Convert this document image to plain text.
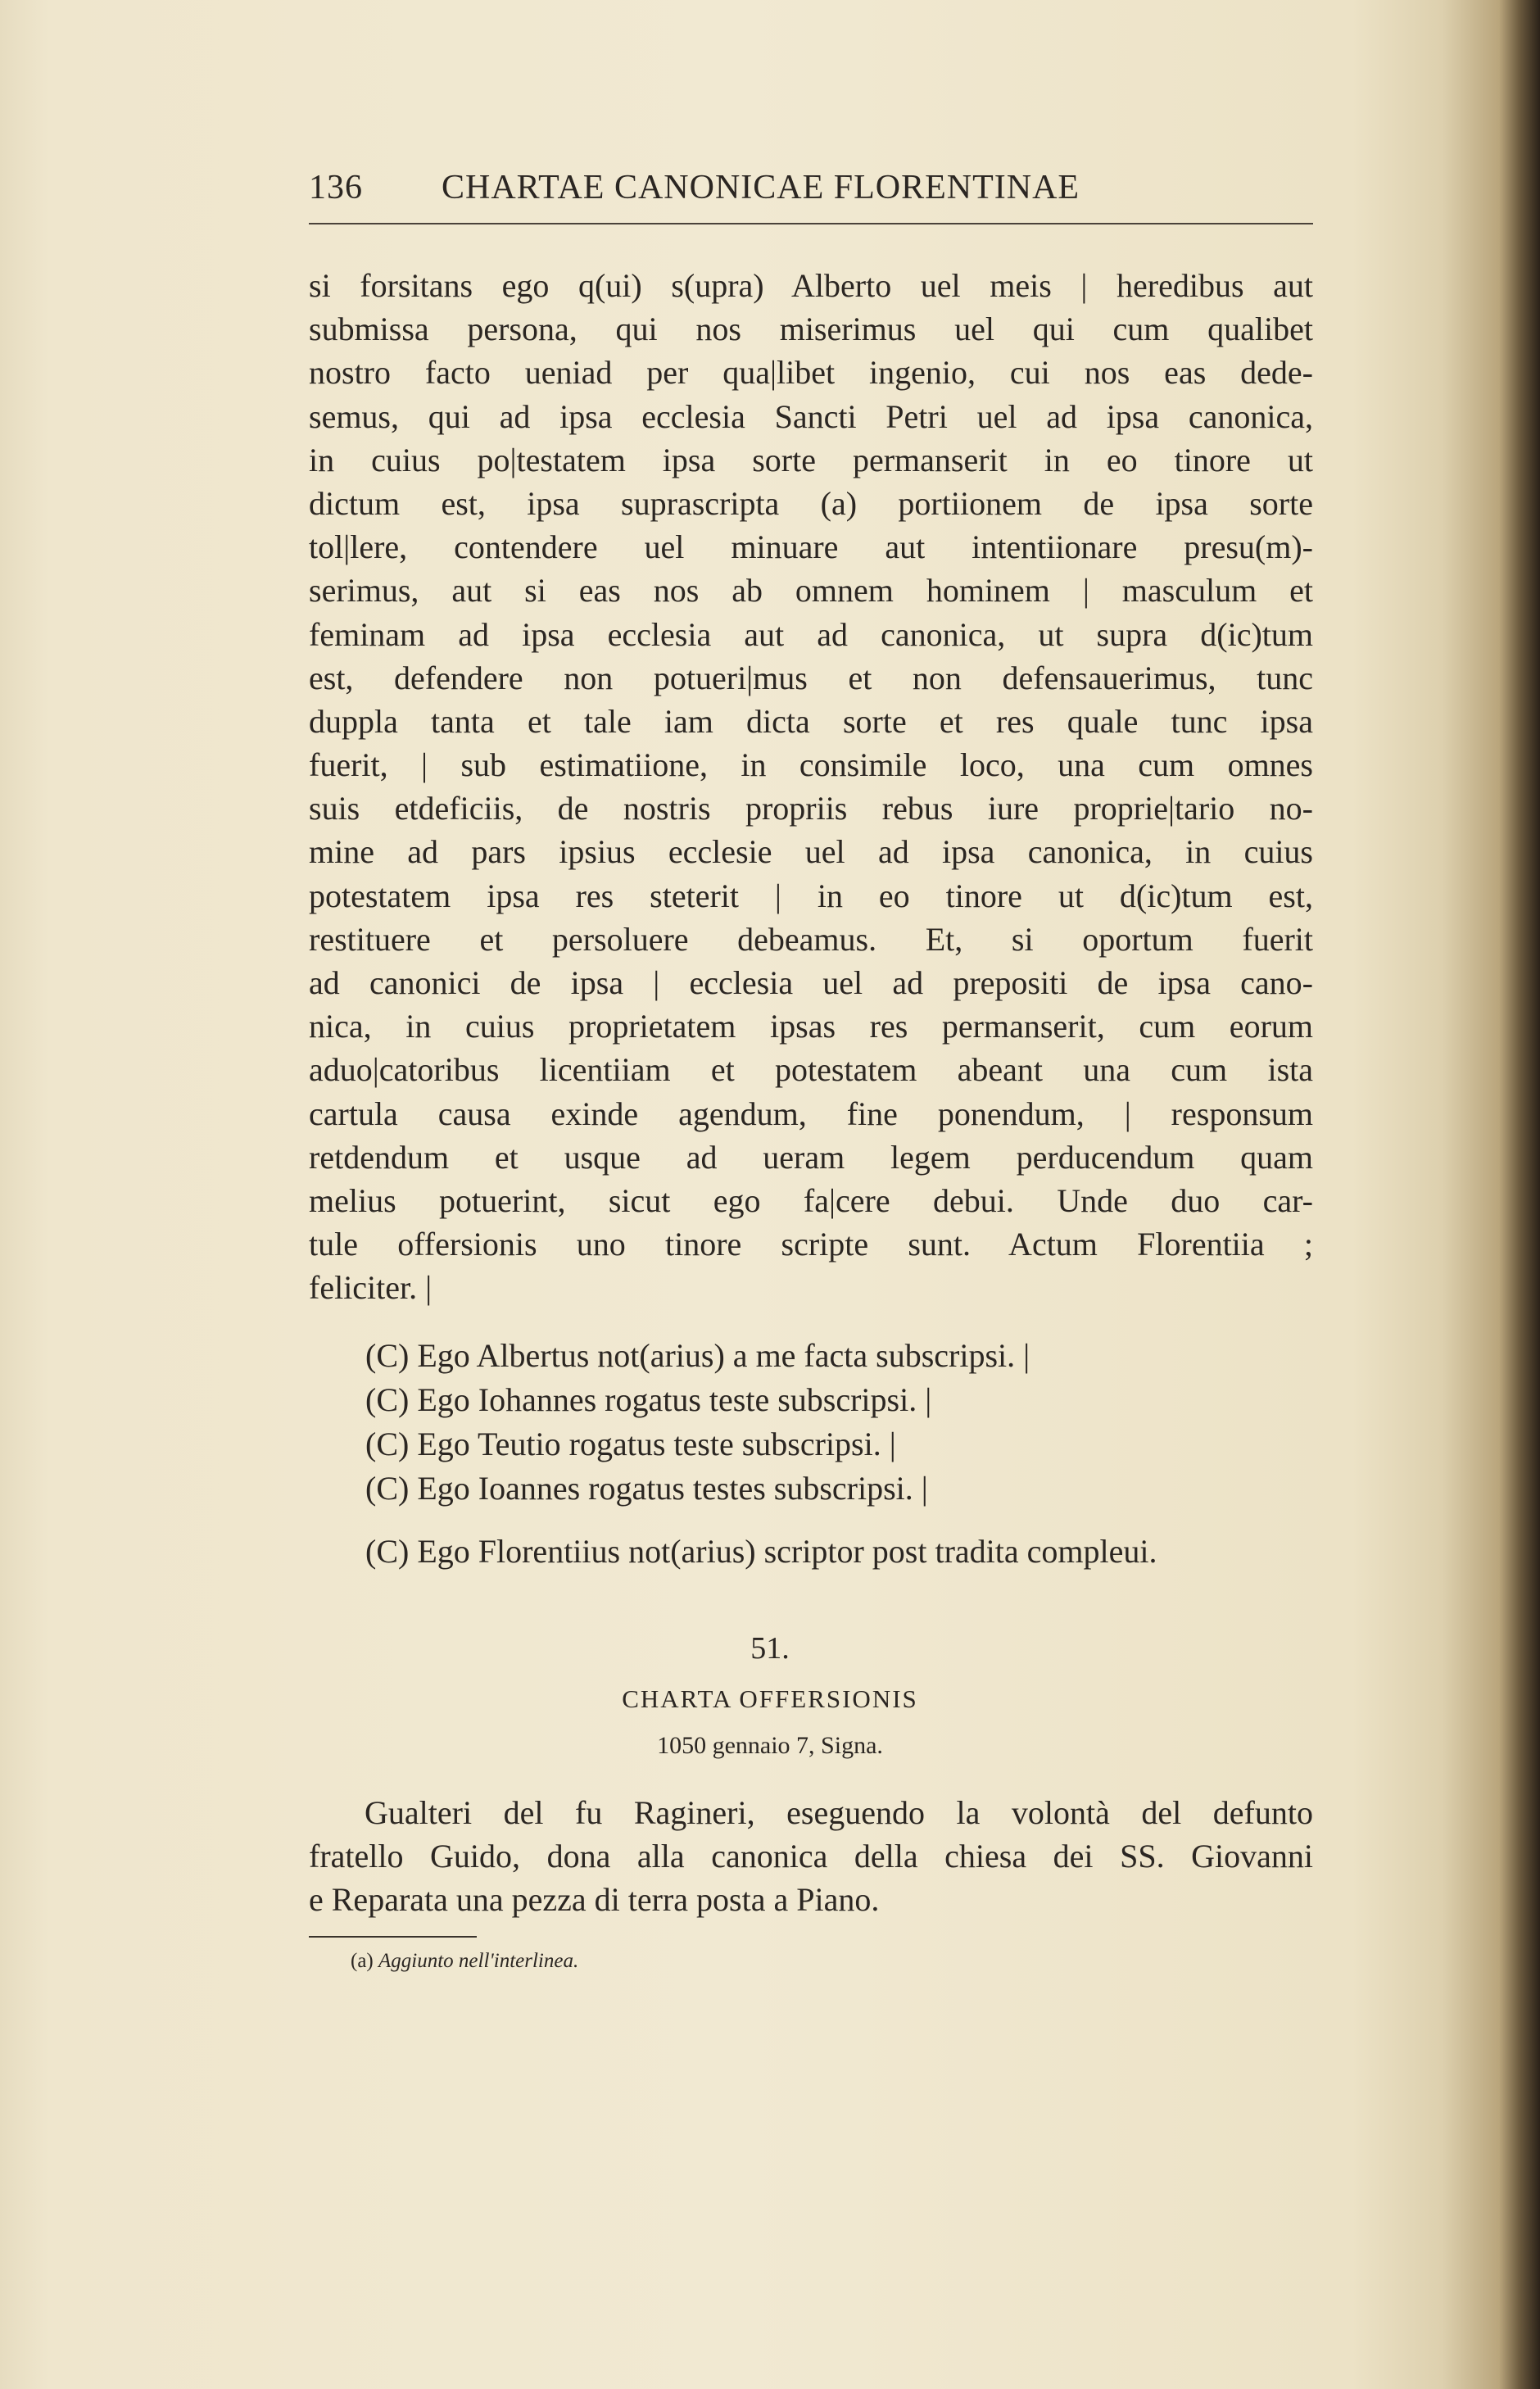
136 CHARTAE CANONICAE FLORENTINAE
si forsitans ego q(ui) s(upra) Alberto uel meis | heredibus aut
submissa persona, qui nos miserimus uel qui cum qualibet
nostro facto ueniad per qua|libet ingenio, cui nos eas dede-
semus, qui ad ipsa ecclesia Sancti Petri uel ad ipsa canonica,
in cuius po|testatem ipsa sorte permanserit in eo tinore ut
dictum est, ipsa suprascripta (a) portiionem de ipsa sorte
tol|lere, contendere uel minuare aut intentiionare presu(m)-
serimus, aut si eas nos ab omnem hominem | masculum et
feminam ad ipsa ecclesia aut ad canonica, ut supra d(ic)tum
est, defendere non potueri|mus et non defensauerimus, tunc
duppla tanta et tale iam dicta sorte et res quale tunc ipsa
fuerit, | sub estimatiione, in consimile loco, una cum omnes
suis etdeficiis, de nostris propriis rebus iure proprie|tario no-
mine ad pars ipsius ecclesie uel ad ipsa canonica, in cuius
potestatem ipsa res steterit | in eo tinore ut d(ic)tum est,
restituere et persoluere debeamus. Et, si oportum fuerit
ad canonici de ipsa | ecclesia uel ad prepositi de ipsa cano-
nica, in cuius proprietatem ipsas res permanserit, cum eorum
aduo|catoribus licentiiam et potestatem abeant una cum ista
cartula causa exinde agendum, fine ponendum, | responsum
retdendum et usque ad ueram legem perducendum quam
melius potuerint, sicut ego fa|cere debui. Unde duo car-
tule offersionis uno tinore scripte sunt. Actum Florentiia ;
feliciter. |
(C) Ego Albertus not(arius) a me facta subscripsi. |
(C) Ego Iohannes rogatus teste subscripsi. |
(C) Ego Teutio rogatus teste subscripsi. |
(C) Ego Ioannes rogatus testes subscripsi. |
(C) Ego Florentiius not(arius) scriptor post tradita compleui.
51.
CHARTA OFFERSIONIS
1050 gennaio 7, Signa.
Gualteri del fu Ragineri, eseguendo la volontà del defunto
fratello Guido, dona alla canonica della chiesa dei SS. Giovanni
e Reparata una pezza di terra posta a Piano.
(a) Aggiunto nell'interlinea.
